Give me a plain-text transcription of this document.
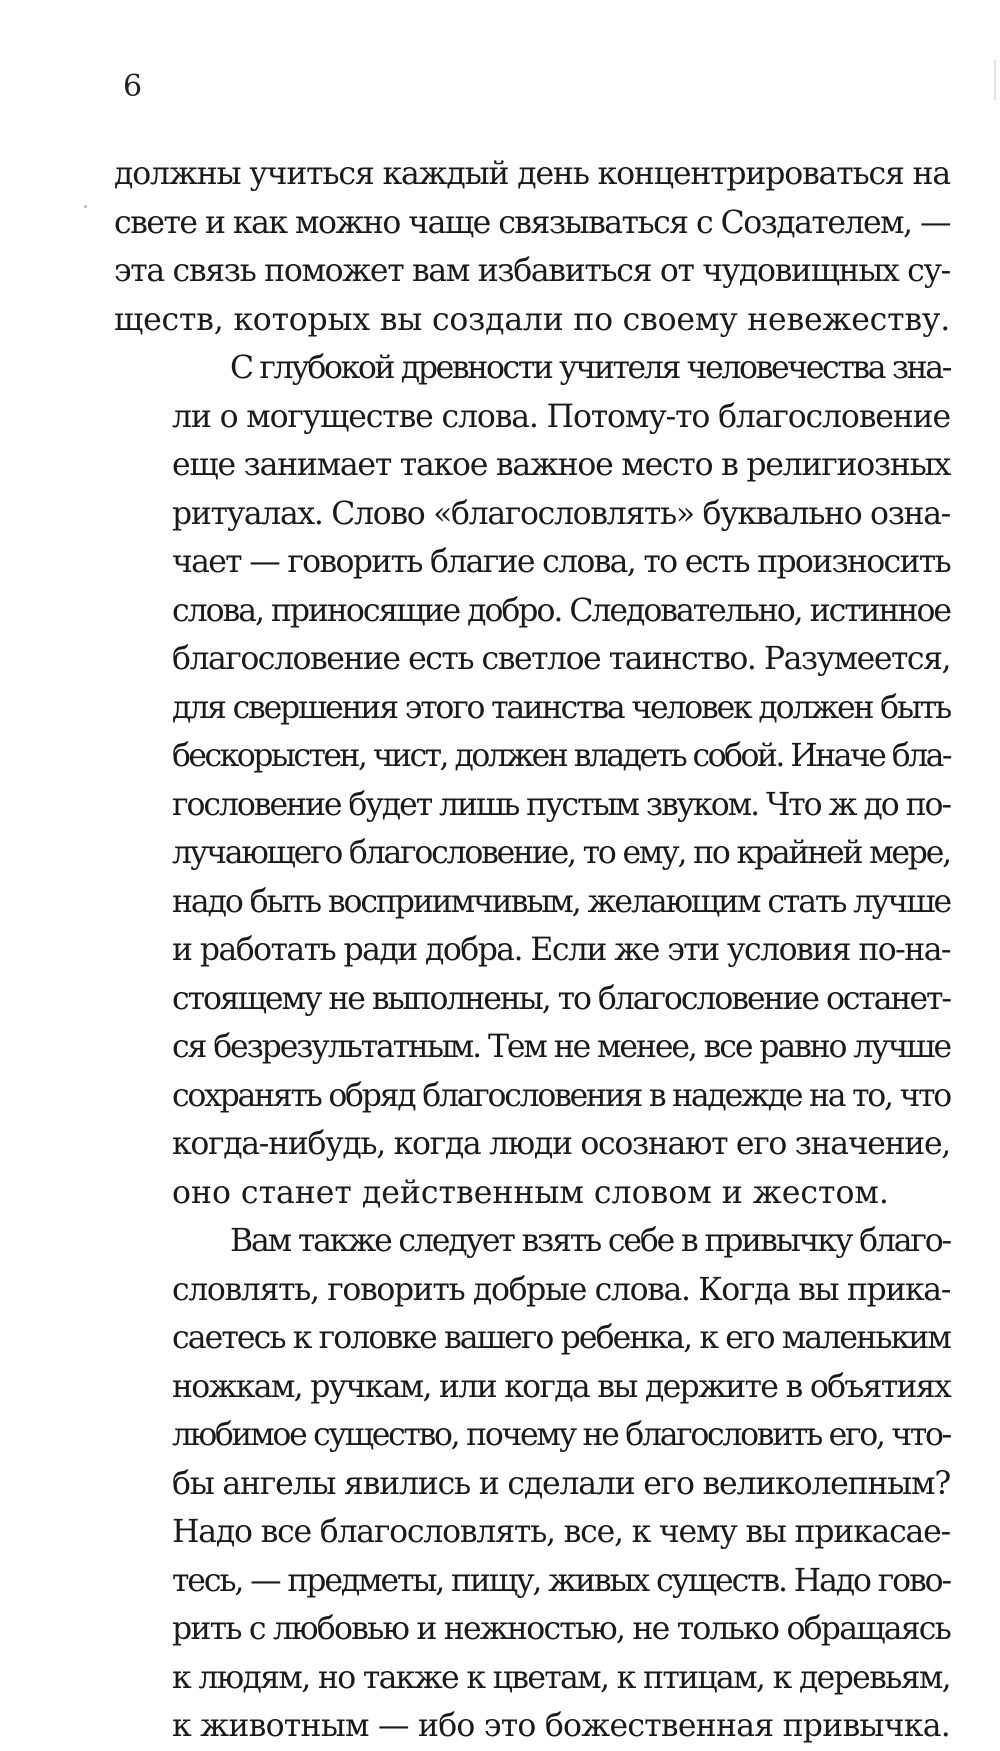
6
должны учиться каждый день концентрироваться на
свете и как можно чаще связываться с Создателем, —
эта связь поможет вам избавиться от чудовищных су-
ществ, которых вы создали по своему невежеству.
С глубокой древности учителя человечества зна-
ли о могуществе слова. Потому-то благословение
еще занимает такое важное место в религиозных
ритуалах. Слово «благословлять» буквально озна-
чает — говорить благие слова, то есть произносить
слова, приносящие добро. Следовательно, истинное
благословение есть светлое таинство. Разумеется,
для свершения этого таинства человек должен быть
бескорыстен, чист, должен владеть собой. Иначе бла-
гословение будет лишь пустым звуком. Что ж до по-
лучающего благословение, то ему, по крайней мере,
надо быть восприимчивым, желающим стать лучше
и работать ради добра. Если же эти условия по-на-
стоящему не выполнены, то благословение останет-
ся безрезультатным. Тем не менее, все равно лучше
сохранять обряд благословения в надежде на то, что
когда-нибудь, когда люди осознают его значение,
оно станет действенным словом и жестом.
Вам также следует взять себе в привычку благо-
словлять, говорить добрые слова. Когда вы прика-
саетесь к головке вашего ребенка, к его маленьким
ножкам, ручкам, или когда вы держите в объятиях
любимое существо, почему не благословить его, что-
бы ангелы явились и сделали его великолепным?
Надо все благословлять, все, к чему вы прикасае-
тесь, — предметы, пищу, живых существ. Надо гово-
рить с любовью и нежностью, не только обращаясь
к людям, но также к цветам, к птицам, к деревьям,
к животным — ибо это божественная привычка.
